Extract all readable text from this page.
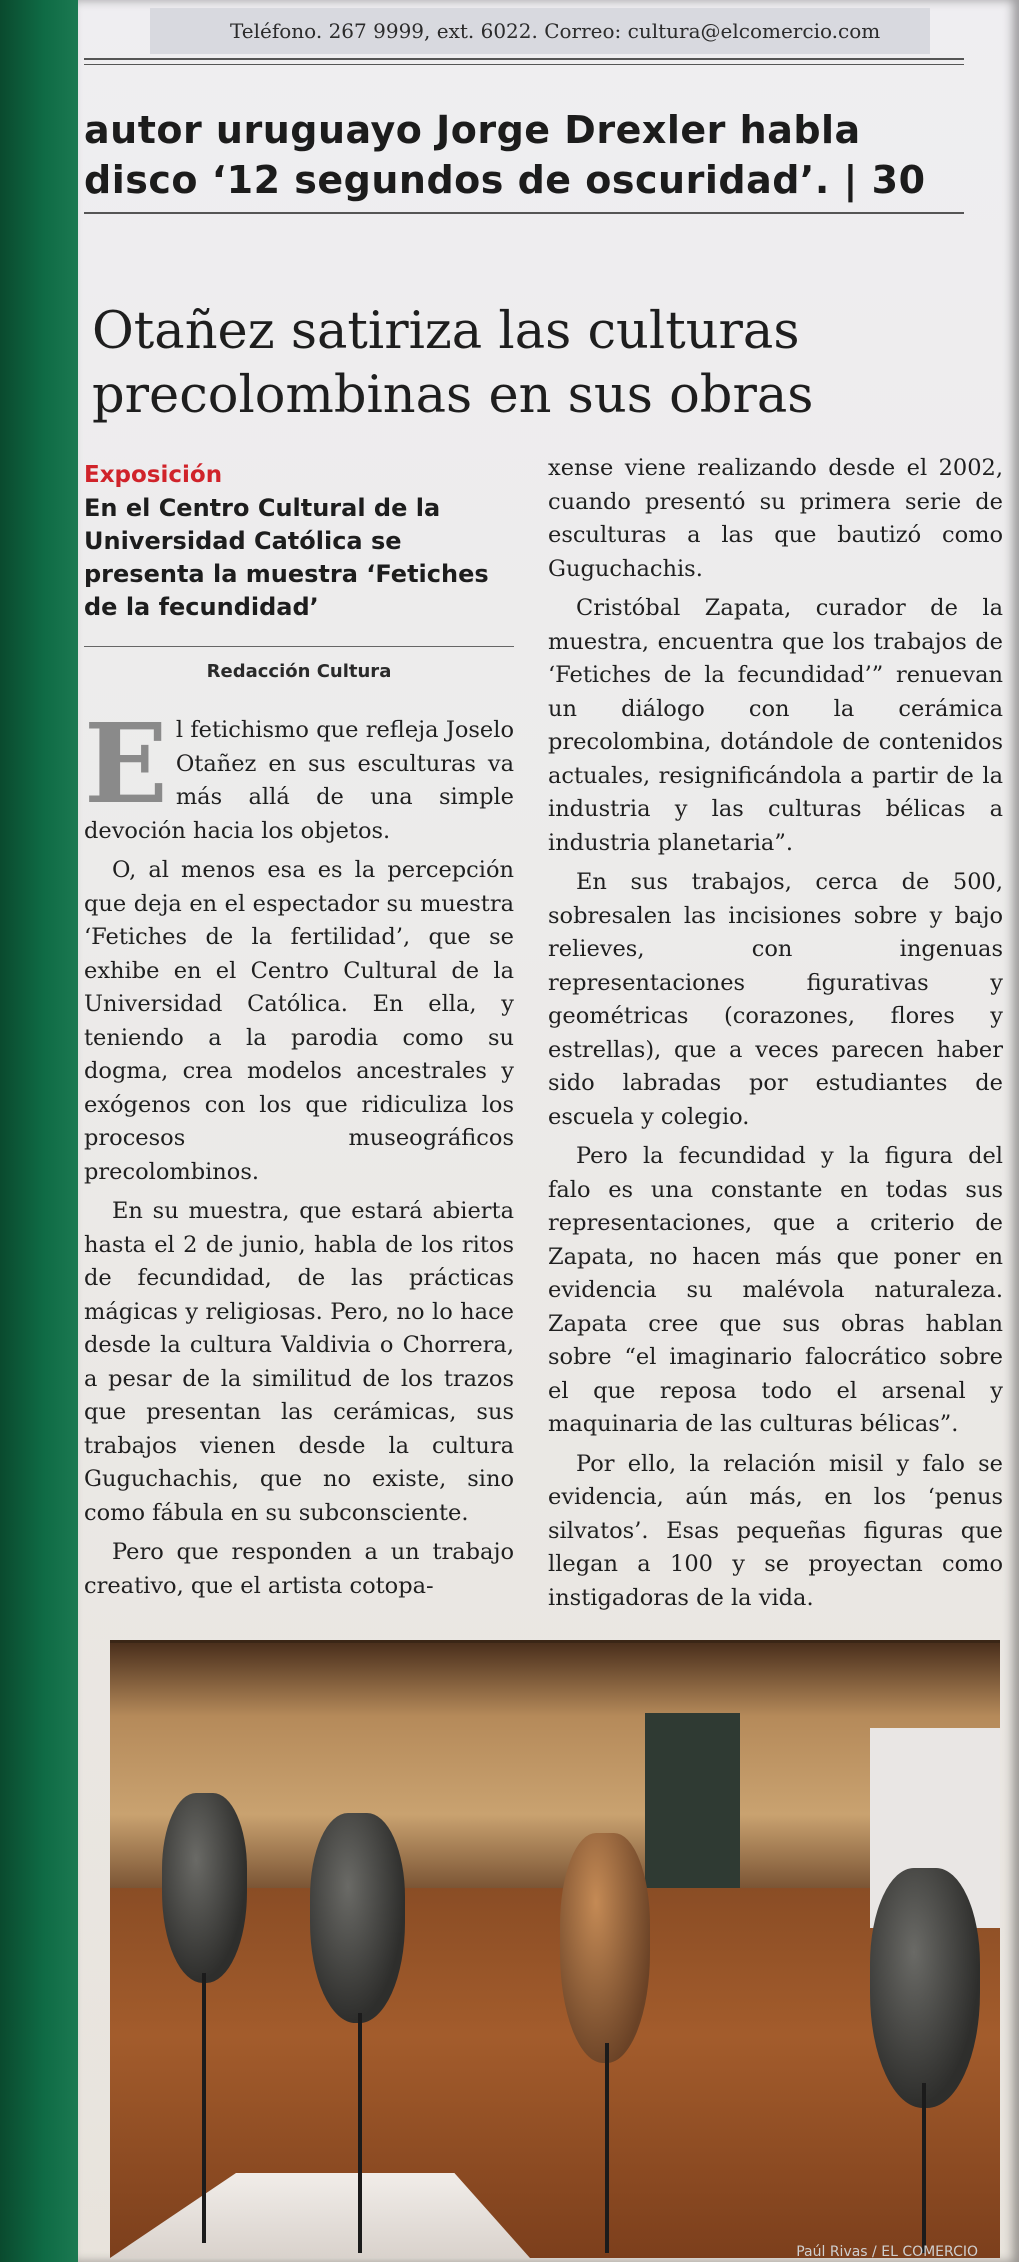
Teléfono. 267 9999, ext. 6022. Correo: cultura@elcomercio.com
autor uruguayo Jorge Drexler habla
disco ‘12 segundos de oscuridad’. | 30
Otañez satiriza las culturas
precolombinas en sus obras
Exposición
En el Centro Cultural de la Universidad Católica se presenta la muestra ‘Fetiches de la fecundidad’
Redacción Cultura

El fetichismo que refleja Joselo Otañez en sus esculturas va más allá de una simple devoción hacia los objetos.

O, al menos esa es la percepción que deja en el espectador su muestra ‘Fetiches de la fertilidad’, que se exhibe en el Centro Cultural de la Universidad Católica. En ella, y teniendo a la parodia como su dogma, crea modelos ancestrales y exógenos con los que ridiculiza los procesos museográficos precolombinos.

En su muestra, que estará abierta hasta el 2 de junio, habla de los ritos de fecundidad, de las prácticas mágicas y religiosas. Pero, no lo hace desde la cultura Valdivia o Chorrera, a pesar de la similitud de los trazos que presentan las cerámicas, sus trabajos vienen desde la cultura Guguchachis, que no existe, sino como fábula en su subconsciente.

Pero que responden a un trabajo creativo, que el artista cotopa-

xense viene realizando desde el 2002, cuando presentó su primera serie de esculturas a las que bautizó como Guguchachis.

Cristóbal Zapata, curador de la muestra, encuentra que los trabajos de ‘Fetiches de la fecundidad’” renuevan un diálogo con la cerámica precolombina, dotándole de contenidos actuales, resignificándola a partir de la industria y las culturas bélicas a industria planetaria”.

En sus trabajos, cerca de 500, sobresalen las incisiones sobre y bajo relieves, con ingenuas representaciones figurativas y geométricas (corazones, flores y estrellas), que a veces parecen haber sido labradas por estudiantes de escuela y colegio.

Pero la fecundidad y la figura del falo es una constante en todas sus representaciones, que a criterio de Zapata, no hacen más que poner en evidencia su malévola naturaleza. Zapata cree que sus obras hablan sobre “el imaginario falocrático sobre el que reposa todo el arsenal y maquinaria de las culturas bélicas”.

Por ello, la relación misil y falo se evidencia, aún más, en los ‘penus silvatos’. Esas pequeñas figuras que llegan a 100 y se proyectan como instigadoras de la vida.

Paúl Rivas / EL COMERCIO
